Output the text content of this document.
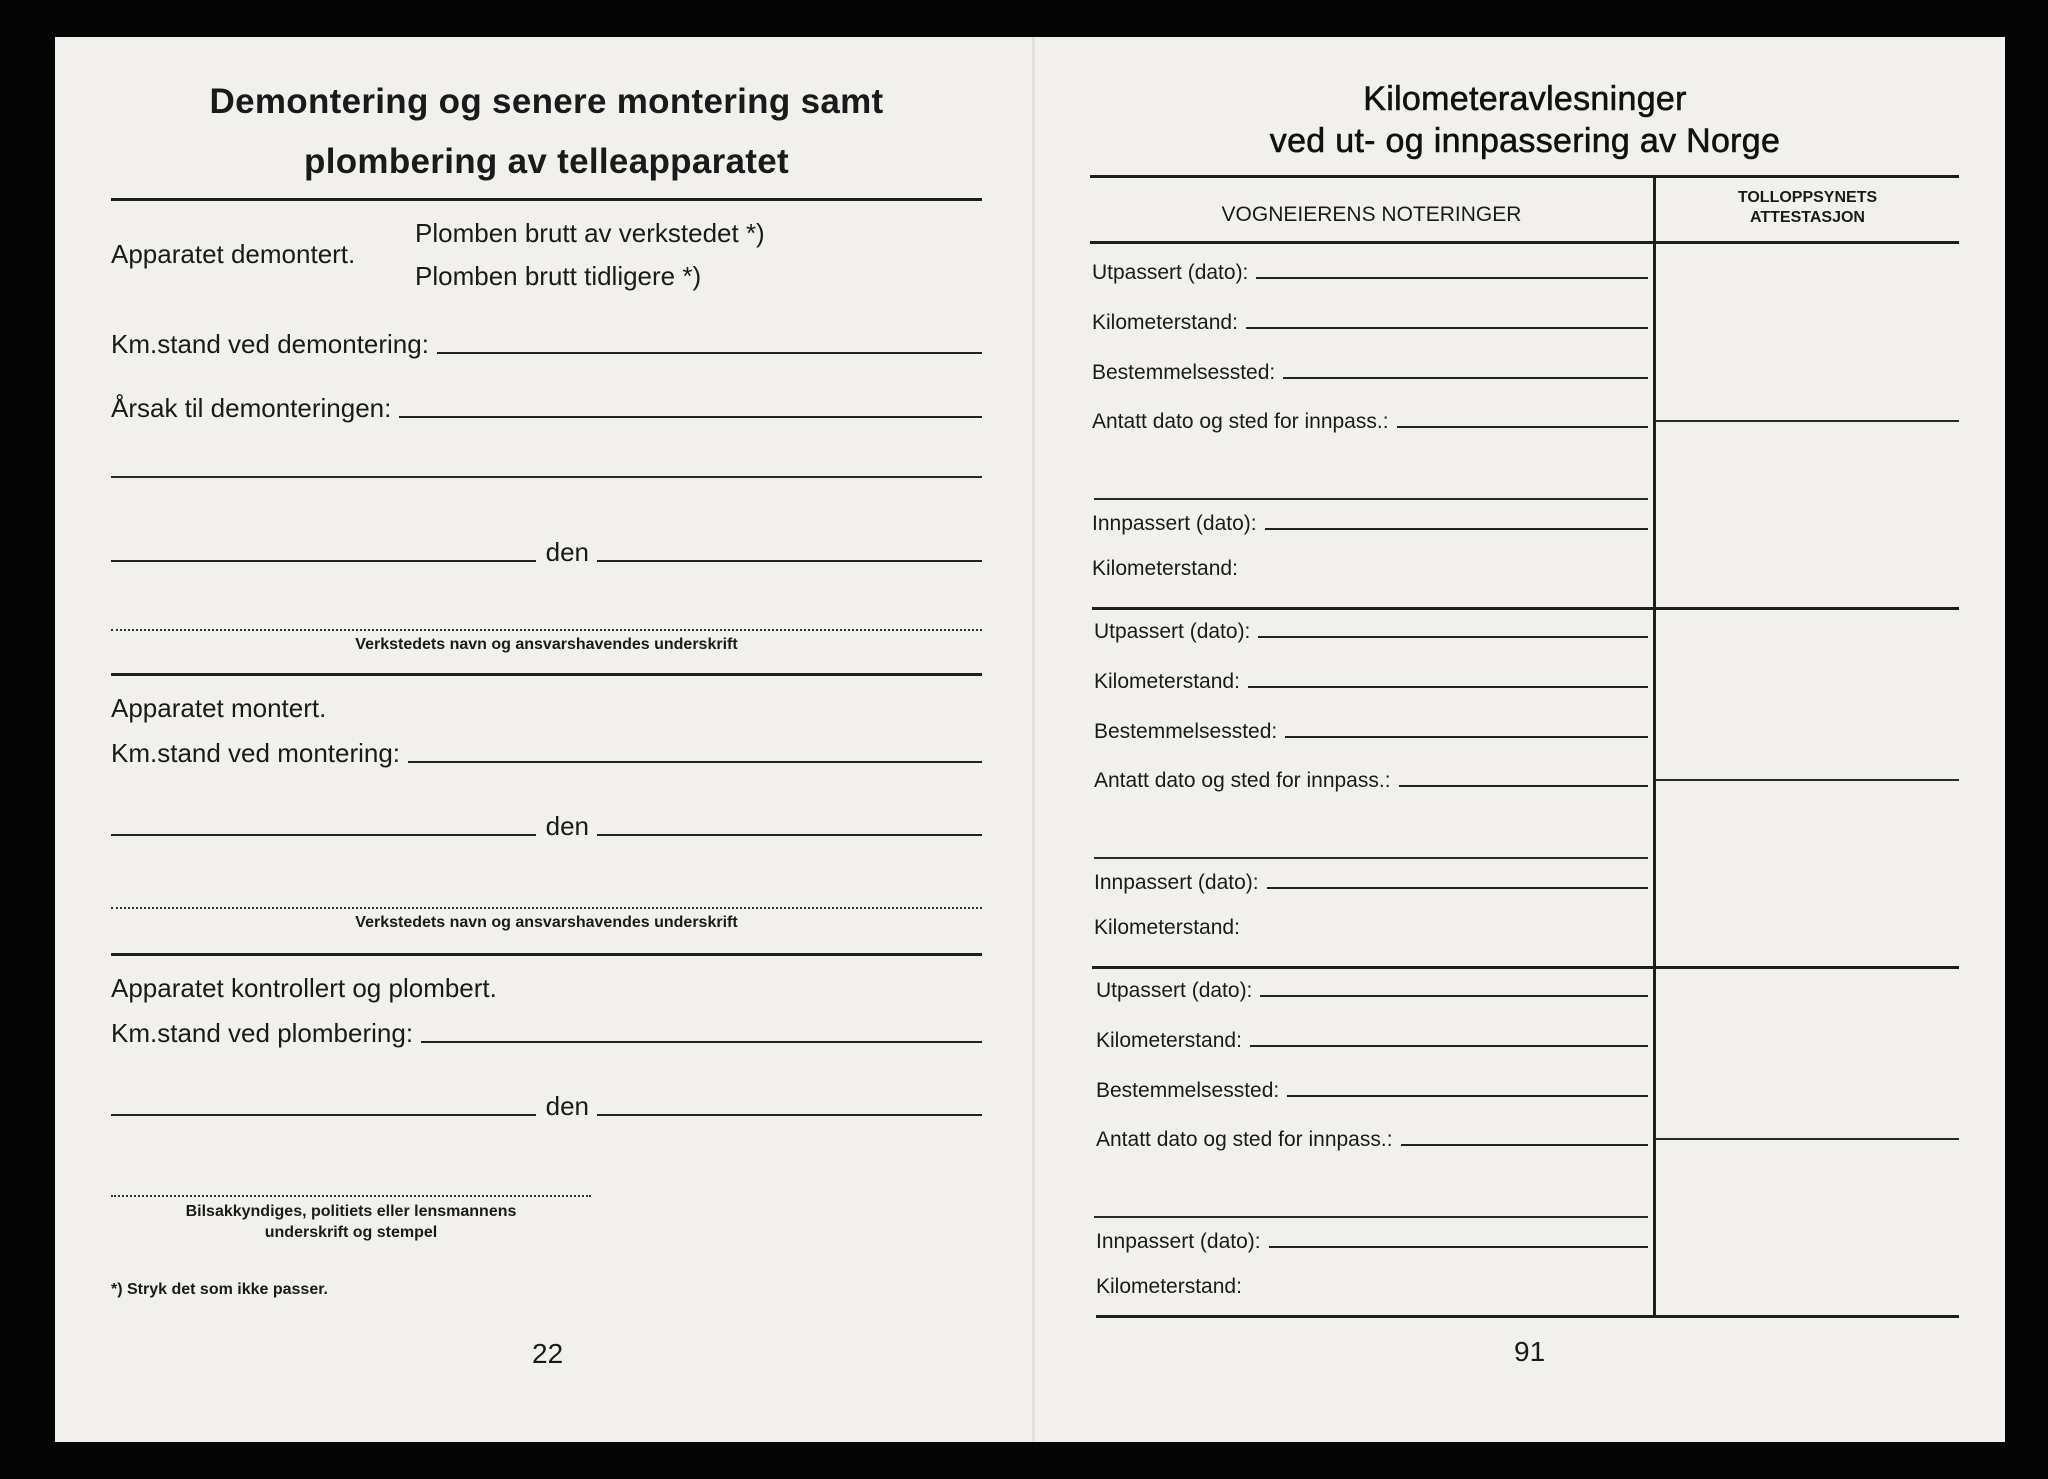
Demontering og senere montering samt
plombering av telleapparatet
Apparatet demontert.
Plomben brutt av verkstedet *)
Plomben brutt tidligere *)
Km.stand ved demontering:
Årsak til demonteringen:
den
Verkstedets navn og ansvarshavendes underskrift
Apparatet montert.
Km.stand ved montering:
den
Verkstedets navn og ansvarshavendes underskrift
Apparatet kontrollert og plombert.
Km.stand ved plombering:
den
Bilsakkyndiges, politiets eller lensmannens
underskrift og stempel
*) Stryk det som ikke passer.
22
Kilometeravlesninger
ved ut- og innpassering av Norge
VOGNEIERENS NOTERINGER
TOLLOPPSYNETS
ATTESTASJON
91
Utpassert (dato):
Kilometerstand:
Bestemmelsessted:
Antatt dato og sted for innpass.:
Innpassert (dato):
Kilometerstand:
Utpassert (dato):
Kilometerstand:
Bestemmelsessted:
Antatt dato og sted for innpass.:
Innpassert (dato):
Kilometerstand:
Utpassert (dato):
Kilometerstand:
Bestemmelsessted:
Antatt dato og sted for innpass.:
Innpassert (dato):
Kilometerstand:
